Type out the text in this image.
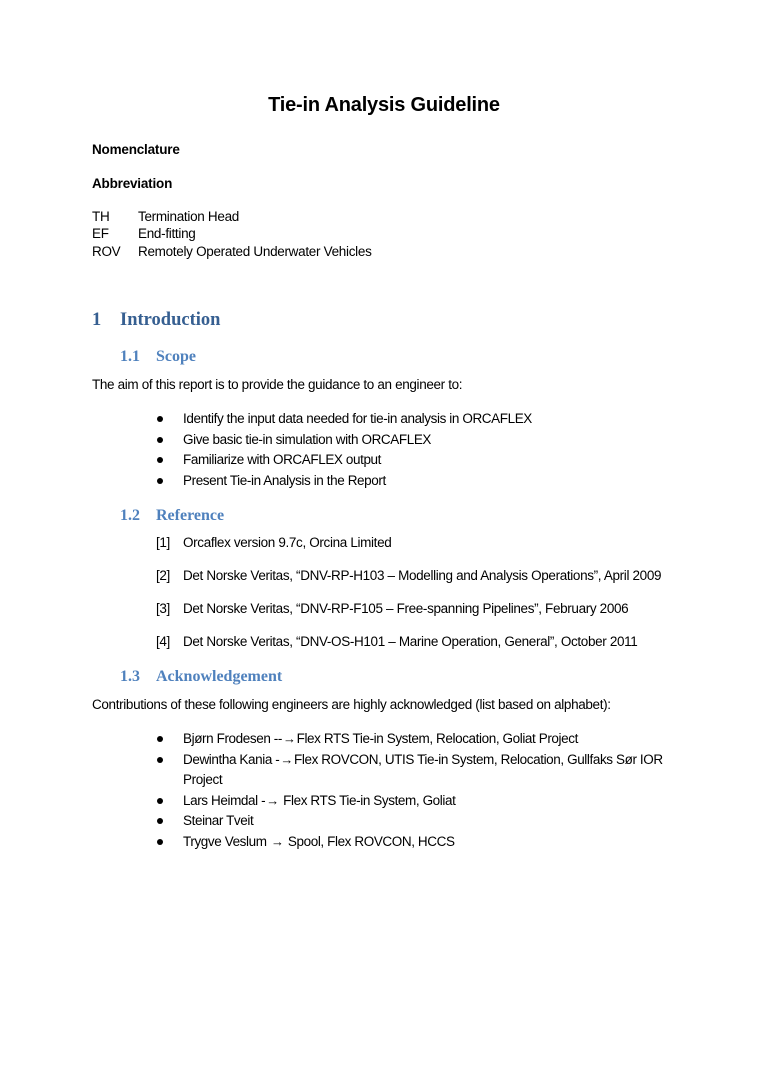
Tie-in Analysis Guideline
Nomenclature
Abbreviation
TH	Termination Head
EF	End-fitting
ROV	Remotely Operated Underwater Vehicles
1 Introduction
1.1 Scope
The aim of this report is to provide the guidance to an engineer to:
Identify the input data needed for tie-in analysis in ORCAFLEX
Give basic tie-in simulation with ORCAFLEX
Familiarize with ORCAFLEX output
Present Tie-in Analysis in the Report
1.2 Reference
[1] Orcaflex version 9.7c, Orcina Limited
[2] Det Norske Veritas, “DNV-RP-H103 – Modelling and Analysis Operations”, April 2009
[3] Det Norske Veritas, “DNV-RP-F105 – Free-spanning Pipelines”, February 2006
[4] Det Norske Veritas, “DNV-OS-H101 – Marine Operation, General”, October 2011
1.3 Acknowledgement
Contributions of these following engineers are highly acknowledged (list based on alphabet):
Bjørn Frodesen --→Flex RTS Tie-in System, Relocation, Goliat Project
Dewintha Kania -→Flex ROVCON, UTIS Tie-in System, Relocation, Gullfaks Sør IOR
Project
Lars Heimdal -→ Flex RTS Tie-in System, Goliat
Steinar Tveit
Trygve Veslum → Spool, Flex ROVCON, HCCS
